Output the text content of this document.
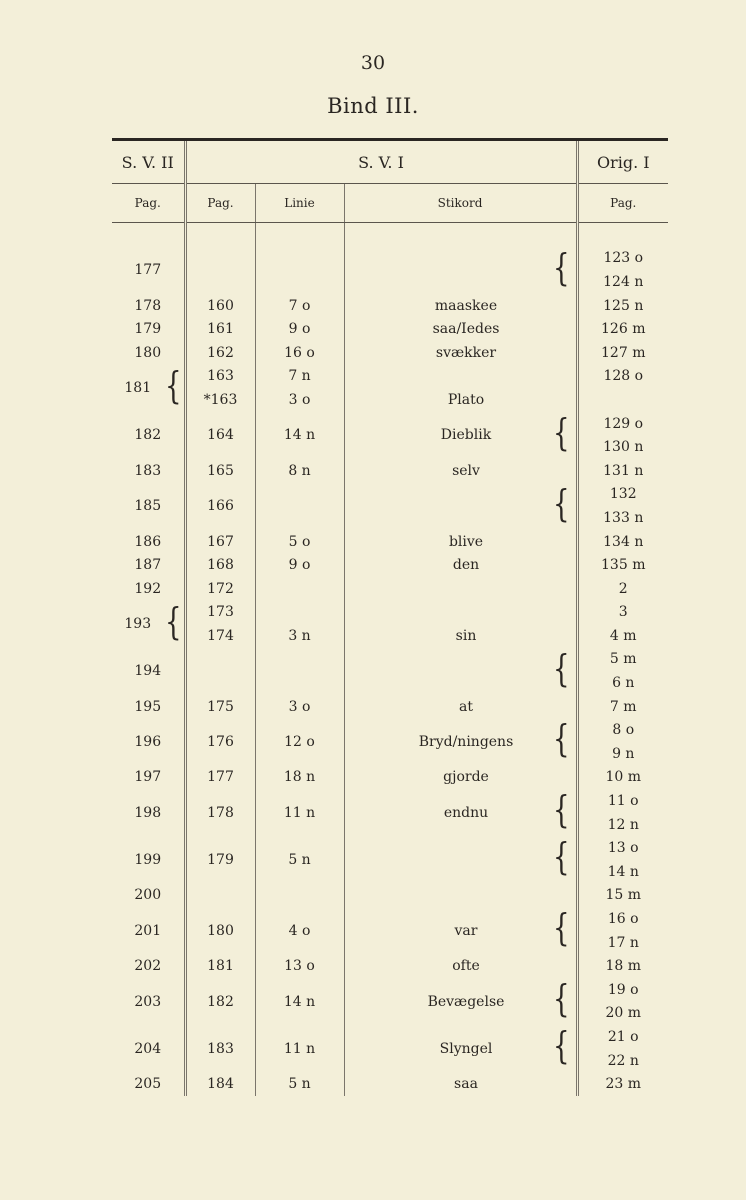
30
Bind III.

S. V. II	S. V. I			Orig. I
Pag.	Pag.	Linie	Stikord	Pag.

177			{	123 o
				124 n
178	160	7 o	maaskee	125 n
179	161	9 o	saa/Iedes	126 m
180	162	16 o	svækker	127 m
181 {	163	7 n		128 o
	*163	3 o	Plato	
182	164	14 n	Dieblik {	129 o
				130 n
183	165	8 n	selv	131 n
185	166		{	132
				133 n
186	167	5 o	blive	134 n
187	168	9 o	den	135 m
192	172			2
193 {	173			3
	174	3 n	sin	4 m
194			{	5 m
				6 n
195	175	3 o	at	7 m
196	176	12 o	Bryd/ningens {	8 o
				9 n
197	177	18 n	gjorde	10 m
198	178	11 n	endnu {	11 o
				12 n
199	179	5 n	{	13 o
				14 n
200				15 m
201	180	4 o	var {	16 o
				17 n
202	181	13 o	ofte	18 m
203	182	14 n	Bevægelse {	19 o
				20 m
204	183	11 n	Slyngel {	21 o
				22 n
205	184	5 n	saa	23 m
